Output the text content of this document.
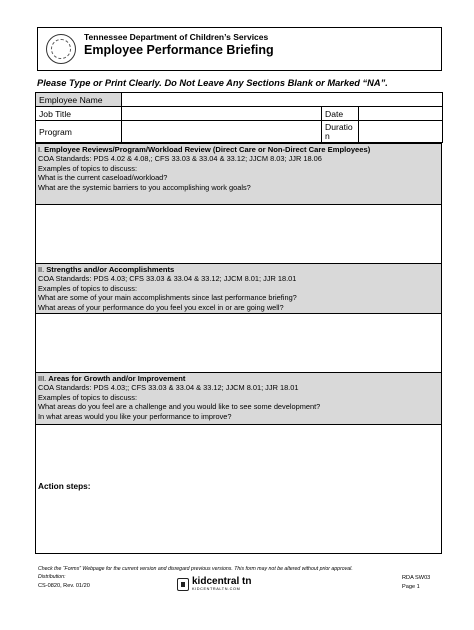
Tennessee Department of Children’s Services
Employee Performance Briefing
Please Type or Print Clearly. Do Not Leave Any Sections Blank or Marked “NA”.
Employee Name			
Job Title		Date	
Program		Duration	
I. Employee Reviews/Program/Workload Review (Direct Care or Non-Direct Care Employees)
COA Standards: PDS 4.02 & 4.08,; CFS 33.03 & 33.04 & 33.12; JJCM 8.03; JJR 18.06
Examples of topics to discuss:
What is the current caseload/workload?
What are the systemic barriers to you accomplishing work goals?
II. Strengths and/or Accomplishments
COA Standards: PDS 4.03; CFS 33.03 & 33.04 & 33.12; JJCM 8.01; JJR 18.01
Examples of topics to discuss:
What are some of your main accomplishments since last performance briefing?
What areas of your performance do you feel you excel in or are going well?
III. Areas for Growth and/or Improvement
COA Standards: PDS 4.03;; CFS 33.03 & 33.04 & 33.12; JJCM 8.01; JJR 18.01
Examples of topics to discuss:
What areas do you feel are a challenge and you would like to see some development?
In what areas would you like your performance to improve?
Action steps:
Check the “Forms” Webpage for the current version and disregard previous versions. This form may not be altered without prior approval.
Distribution:
CS-0820, Rev. 01/20	kidcentral tn
KIDCENTRALTN.COM
RDA SW03
Page 1
